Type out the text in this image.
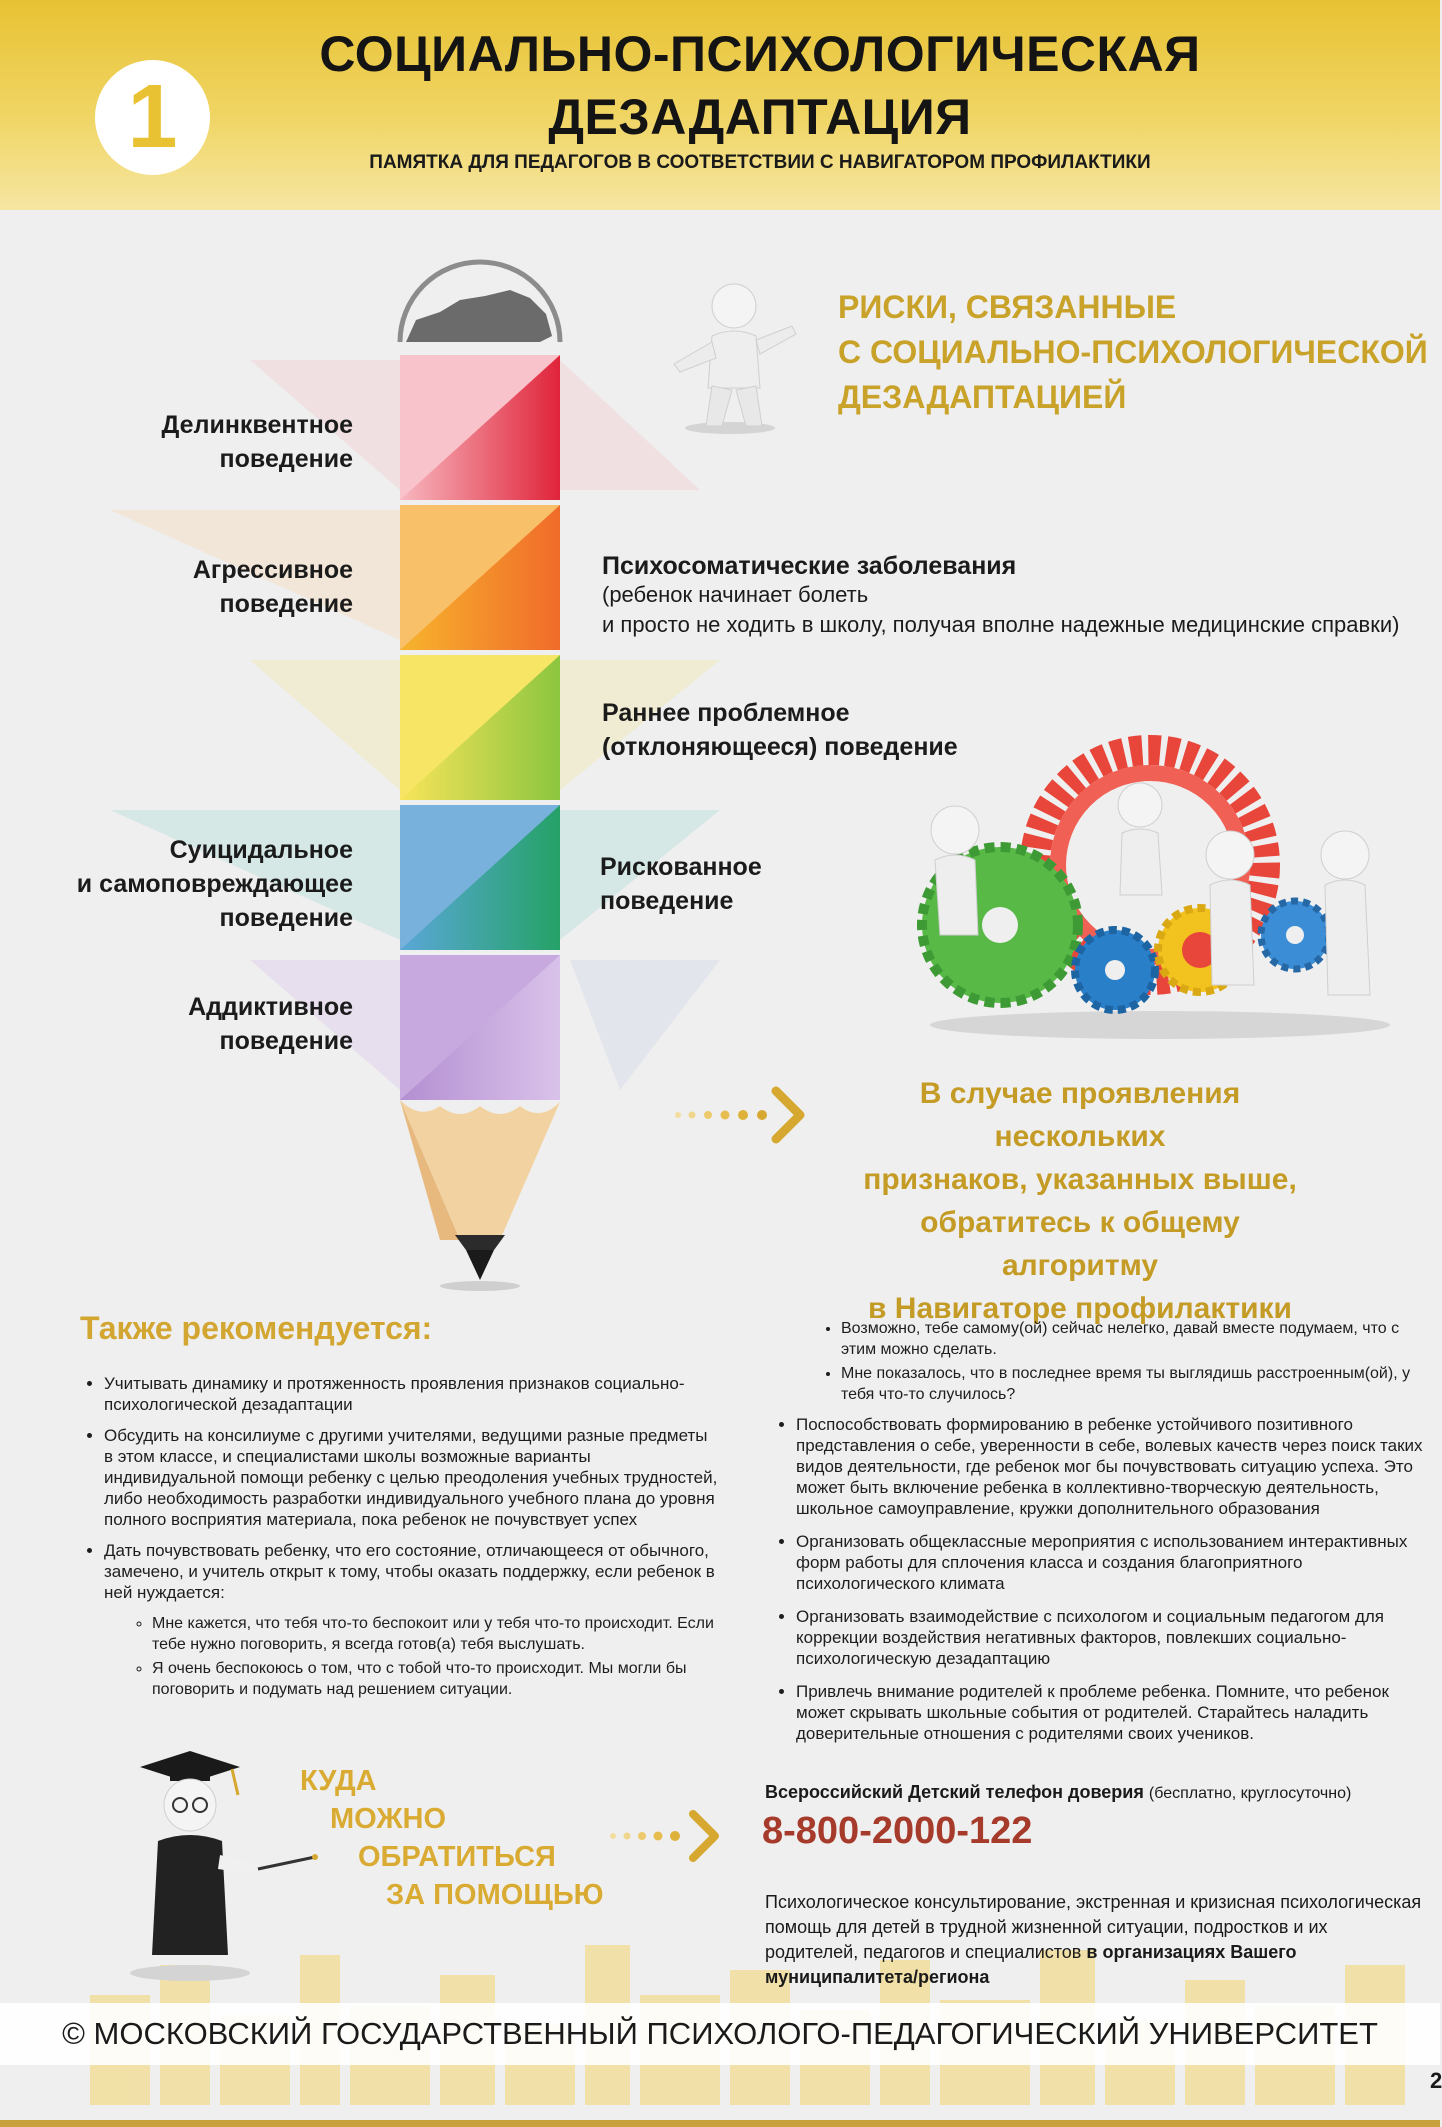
1
СОЦИАЛЬНО-ПСИХОЛОГИЧЕСКАЯ
ДЕЗАДАПТАЦИЯ
ПАМЯТКА ДЛЯ ПЕДАГОГОВ В СООТВЕТСТВИИ С НАВИГАТОРОМ ПРОФИЛАКТИКИ
Делинквентное
поведение
Агрессивное
поведение
Суицидальное
и самоповреждающее
поведение
Аддиктивное
поведение
Психосоматические заболевания
(ребенок начинает болеть
и просто не ходить в школу, получая вполне надежные медицинские справки)
Раннее проблемное
(отклоняющееся) поведение
Рискованное
поведение
РИСКИ, СВЯЗАННЫЕ
С СОЦИАЛЬНО-ПСИХОЛОГИЧЕСКОЙ
ДЕЗАДАПТАЦИЕЙ
В случае проявления нескольких
признаков, указанных выше,
обратитесь к общему алгоритму
в Навигаторе профилактики
Также рекомендуется:
• Учитывать динамику и протяженность проявления признаков социально-психологической дезадаптации
• Обсудить на консилиуме с другими учителями, ведущими разные предметы в этом классе, и специалистами школы возможные варианты индивидуальной помощи ребенку с целью преодоления учебных трудностей, либо необходимость разработки индивидуального учебного плана до уровня полного восприятия материала, пока ребенок не почувствует успех
• Дать почувствовать ребенку, что его состояние, отличающееся от обычного, замечено, и учитель открыт к тому, чтобы оказать поддержку, если ребенок в ней нуждается:
◦ Мне кажется, что тебя что-то беспокоит или у тебя что-то происходит. Если тебе нужно поговорить, я всегда готов(а) тебя выслушать.
◦ Я очень беспокоюсь о том, что с тобой что-то происходит. Мы могли бы поговорить и подумать над решением ситуации.
• Возможно, тебе самому(ой) сейчас нелегко, давай вместе подумаем, что с этим можно сделать.
• Мне показалось, что в последнее время ты выглядишь расстроенным(ой), у тебя что-то случилось?
• Поспособствовать формированию в ребенке устойчивого позитивного представления о себе, уверенности в себе, волевых качеств через поиск таких видов деятельности, где ребенок мог бы почувствовать ситуацию успеха. Это может быть включение ребенка в коллективно-творческую деятельность, школьное самоуправление, кружки дополнительного образования
• Организовать общеклассные мероприятия с использованием интерактивных форм работы для сплочения класса и создания благоприятного психологического климата
• Организовать взаимодействие с психологом и социальным педагогом для коррекции воздействия негативных факторов, повлекших социально-психологическую дезадаптацию
• Привлечь внимание родителей к проблеме ребенка. Помните, что ребенок может скрывать школьные события от родителей. Старайтесь наладить доверительные отношения с родителями своих учеников.
КУДА
МОЖНО
ОБРАТИТЬСЯ
ЗА ПОМОЩЬЮ
Всероссийский Детский телефон доверия (бесплатно, круглосуточно)
8-800-2000-122
Психологическое консультирование, экстренная и кризисная психологическая помощь для детей в трудной жизненной ситуации, подростков и их родителей, педагогов и специалистов в организациях Вашего муниципалитета/региона
© МОСКОВСКИЙ ГОСУДАРСТВЕННЫЙ ПСИХОЛОГО-ПЕДАГОГИЧЕСКИЙ УНИВЕРСИТЕТ
2
